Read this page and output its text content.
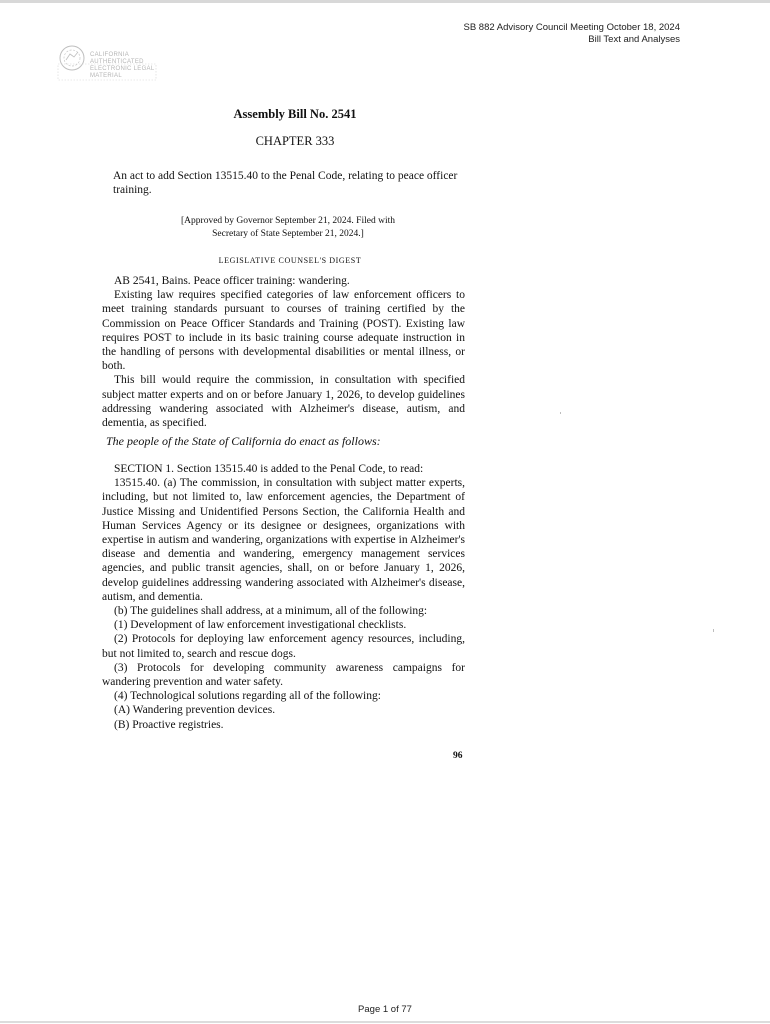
SB 882 Advisory Council Meeting October 18, 2024
Bill Text and Analyses
CALIFORNIA AUTHENTICATED ELECTRONIC LEGAL MATERIAL
Assembly Bill No. 2541
CHAPTER 333

An act to add Section 13515.40 to the Penal Code, relating to peace officer training.

[Approved by Governor September 21, 2024. Filed with
Secretary of State September 21, 2024.]
LEGISLATIVE COUNSEL'S DIGEST

AB 2541, Bains. Peace officer training: wandering.

Existing law requires specified categories of law enforcement officers to meet training standards pursuant to courses of training certified by the Commission on Peace Officer Standards and Training (POST). Existing law requires POST to include in its basic training course adequate instruction in the handling of persons with developmental disabilities or mental illness, or both.

This bill would require the commission, in consultation with specified subject matter experts and on or before January 1, 2026, to develop guidelines addressing wandering associated with Alzheimer's disease, autism, and dementia, as specified.

The people of the State of California do enact as follows:

SECTION 1. Section 13515.40 is added to the Penal Code, to read:

13515.40. (a) The commission, in consultation with subject matter experts, including, but not limited to, law enforcement agencies, the Department of Justice Missing and Unidentified Persons Section, the California Health and Human Services Agency or its designee or designees, organizations with expertise in autism and wandering, organizations with expertise in Alzheimer's disease and dementia and wandering, emergency management services agencies, and public transit agencies, shall, on or before January 1, 2026, develop guidelines addressing wandering associated with Alzheimer's disease, autism, and dementia.

(b) The guidelines shall address, at a minimum, all of the following:

(1) Development of law enforcement investigational checklists.

(2) Protocols for deploying law enforcement agency resources, including, but not limited to, search and rescue dogs.

(3) Protocols for developing community awareness campaigns for wandering prevention and water safety.

(4) Technological solutions regarding all of the following:

(A) Wandering prevention devices.

(B) Proactive registries.

96
Page 1 of 77
